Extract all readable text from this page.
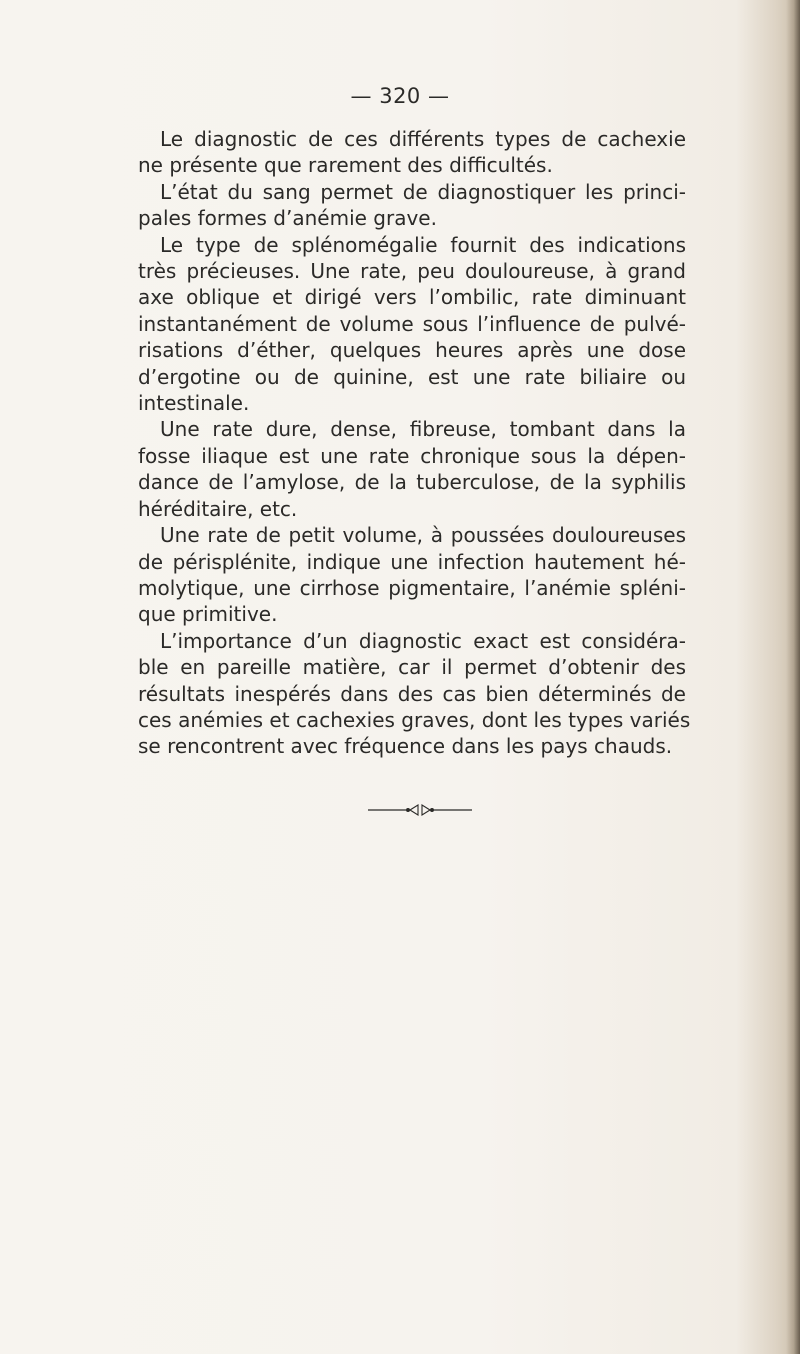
— 320 —
Le diagnostic de ces différents types de cachexie
ne présente que rarement des difficultés.
L’état du sang permet de diagnostiquer les princi-
pales formes d’anémie grave.
Le type de splénomégalie fournit des indications
très précieuses. Une rate, peu douloureuse, à grand
axe oblique et dirigé vers l’ombilic, rate diminuant
instantanément de volume sous l’influence de pulvé-
risations d’éther, quelques heures après une dose
d’ergotine ou de quinine, est une rate biliaire ou
intestinale.
Une rate dure, dense, fibreuse, tombant dans la
fosse iliaque est une rate chronique sous la dépen-
dance de l’amylose, de la tuberculose, de la syphilis
héréditaire, etc.
Une rate de petit volume, à poussées douloureuses
de périsplénite, indique une infection hautement hé-
molytique, une cirrhose pigmentaire, l’anémie spléni-
que primitive.
L’importance d’un diagnostic exact est considéra-
ble en pareille matière, car il permet d’obtenir des
résultats inespérés dans des cas bien déterminés de
ces anémies et cachexies graves, dont les types variés
se rencontrent avec fréquence dans les pays chauds.
